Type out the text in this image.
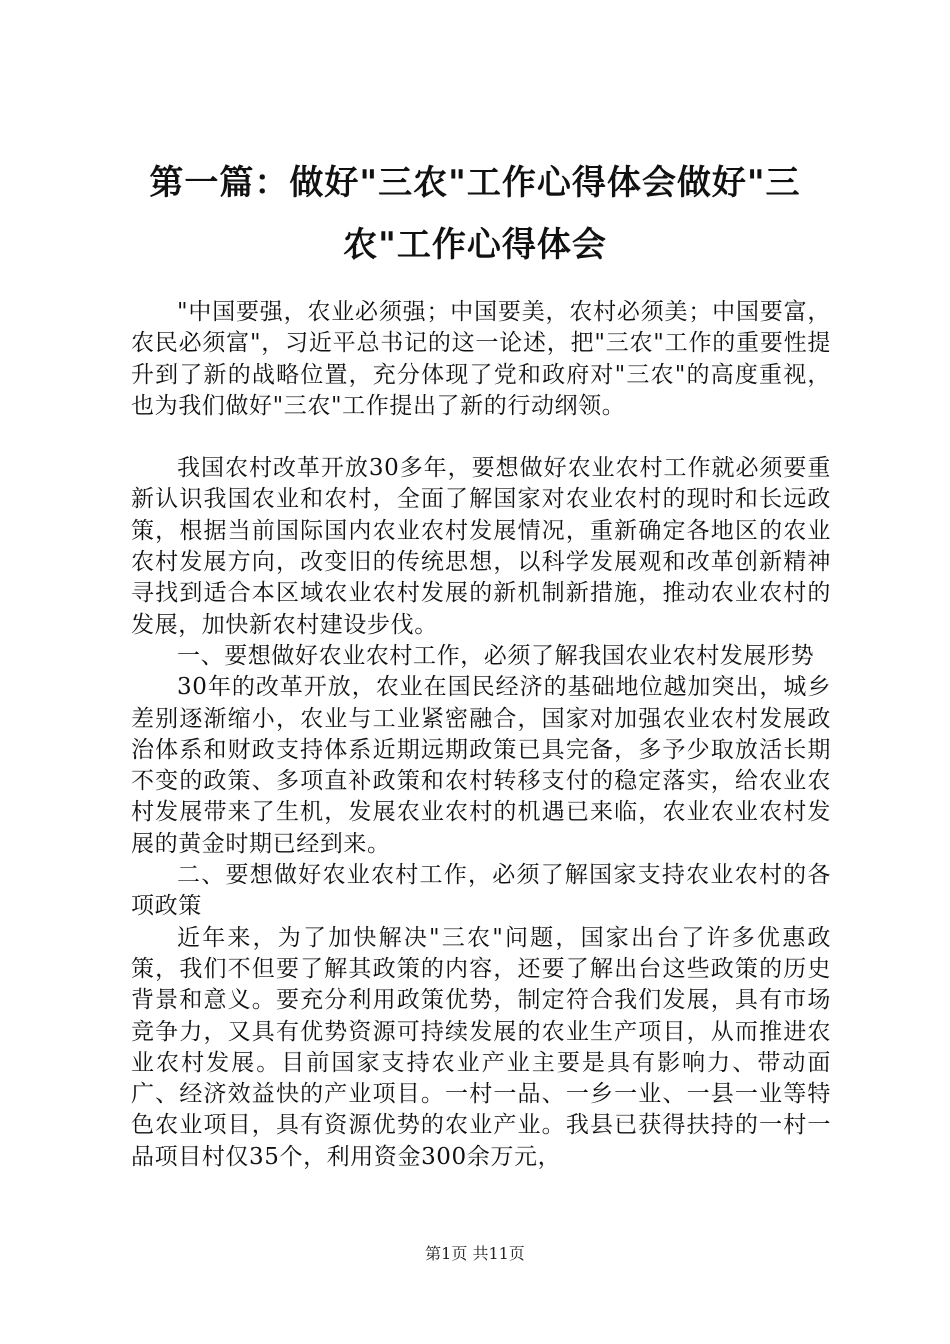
第一篇：做好"三农"工作心得体会做好"三
农"工作心得体会

"中国要强，农业必须强；中国要美，农村必须美；中国要富，农民必须富"，习近平总书记的这一论述，把"三农"工作的重要性提升到了新的战略位置，充分体现了党和政府对"三农"的高度重视，也为我们做好"三农"工作提出了新的行动纲领。

我国农村改革开放30多年，要想做好农业农村工作就必须要重新认识我国农业和农村，全面了解国家对农业农村的现时和长远政策，根据当前国际国内农业农村发展情况，重新确定各地区的农业农村发展方向，改变旧的传统思想，以科学发展观和改革创新精神寻找到适合本区域农业农村发展的新机制新措施，推动农业农村的发展，加快新农村建设步伐。

一、要想做好农业农村工作，必须了解我国农业农村发展形势

30年的改革开放，农业在国民经济的基础地位越加突出，城乡差别逐渐缩小，农业与工业紧密融合，国家对加强农业农村发展政治体系和财政支持体系近期远期政策已具完备，多予少取放活长期不变的政策、多项直补政策和农村转移支付的稳定落实，给农业农村发展带来了生机，发展农业农村的机遇已来临，农业农业农村发展的黄金时期已经到来。

二、要想做好农业农村工作，必须了解国家支持农业农村的各项政策

近年来，为了加快解决"三农"问题，国家出台了许多优惠政策，我们不但要了解其政策的内容，还要了解出台这些政策的历史背景和意义。要充分利用政策优势，制定符合我们发展，具有市场竞争力，又具有优势资源可持续发展的农业生产项目，从而推进农业农村发展。目前国家支持农业产业主要是具有影响力、带动面广、经济效益快的产业项目。一村一品、一乡一业、一县一业等特色农业项目，具有资源优势的农业产业。我县已获得扶持的一村一品项目村仅35个，利用资金300余万元，

第1页 共11页
